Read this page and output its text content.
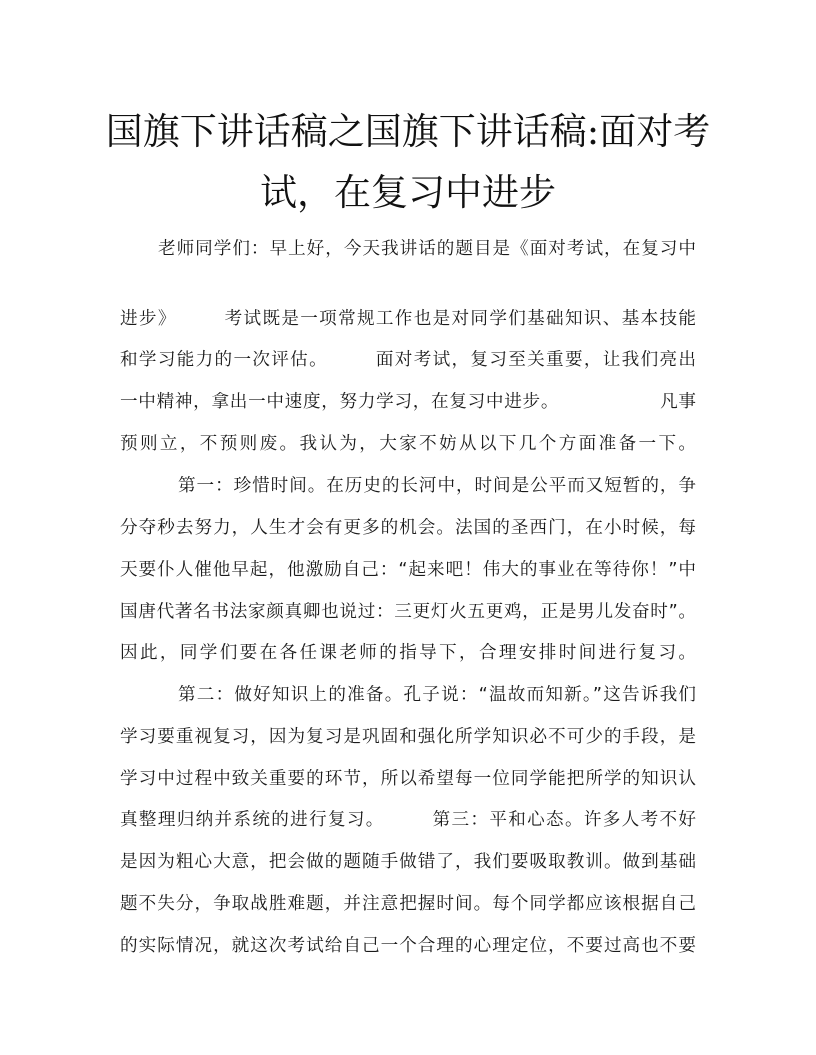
国旗下讲话稿之国旗下讲话稿:面对考
试，在复习中进步

老师同学们：早上好，今天我讲话的题目是《面对考试，在复习中

进步》　　　考试既是一项常规工作也是对同学们基础知识、基本技能

和学习能力的一次评估。　　　面对考试，复习至关重要，让我们亮出

一中精神，拿出一中速度，努力学习，在复习中进步。　　　　　　凡事

预则立，不预则废。我认为，大家不妨从以下几个方面准备一下。

第一：珍惜时间。在历史的长河中，时间是公平而又短暂的，争

分夺秒去努力，人生才会有更多的机会。法国的圣西门，在小时候，每

天要仆人催他早起，他激励自己：“起来吧！伟大的事业在等待你！”中

国唐代著名书法家颜真卿也说过：三更灯火五更鸡，正是男儿发奋时”。

因此，同学们要在各任课老师的指导下，合理安排时间进行复习。

第二：做好知识上的准备。孔子说：“温故而知新。”这告诉我们

学习要重视复习，因为复习是巩固和强化所学知识必不可少的手段，是

学习中过程中致关重要的环节，所以希望每一位同学能把所学的知识认

真整理归纳并系统的进行复习。　　　第三：平和心态。许多人考不好

是因为粗心大意，把会做的题随手做错了，我们要吸取教训。做到基础

题不失分，争取战胜难题，并注意把握时间。每个同学都应该根据自己

的实际情况，就这次考试给自己一个合理的心理定位，不要过高也不要
